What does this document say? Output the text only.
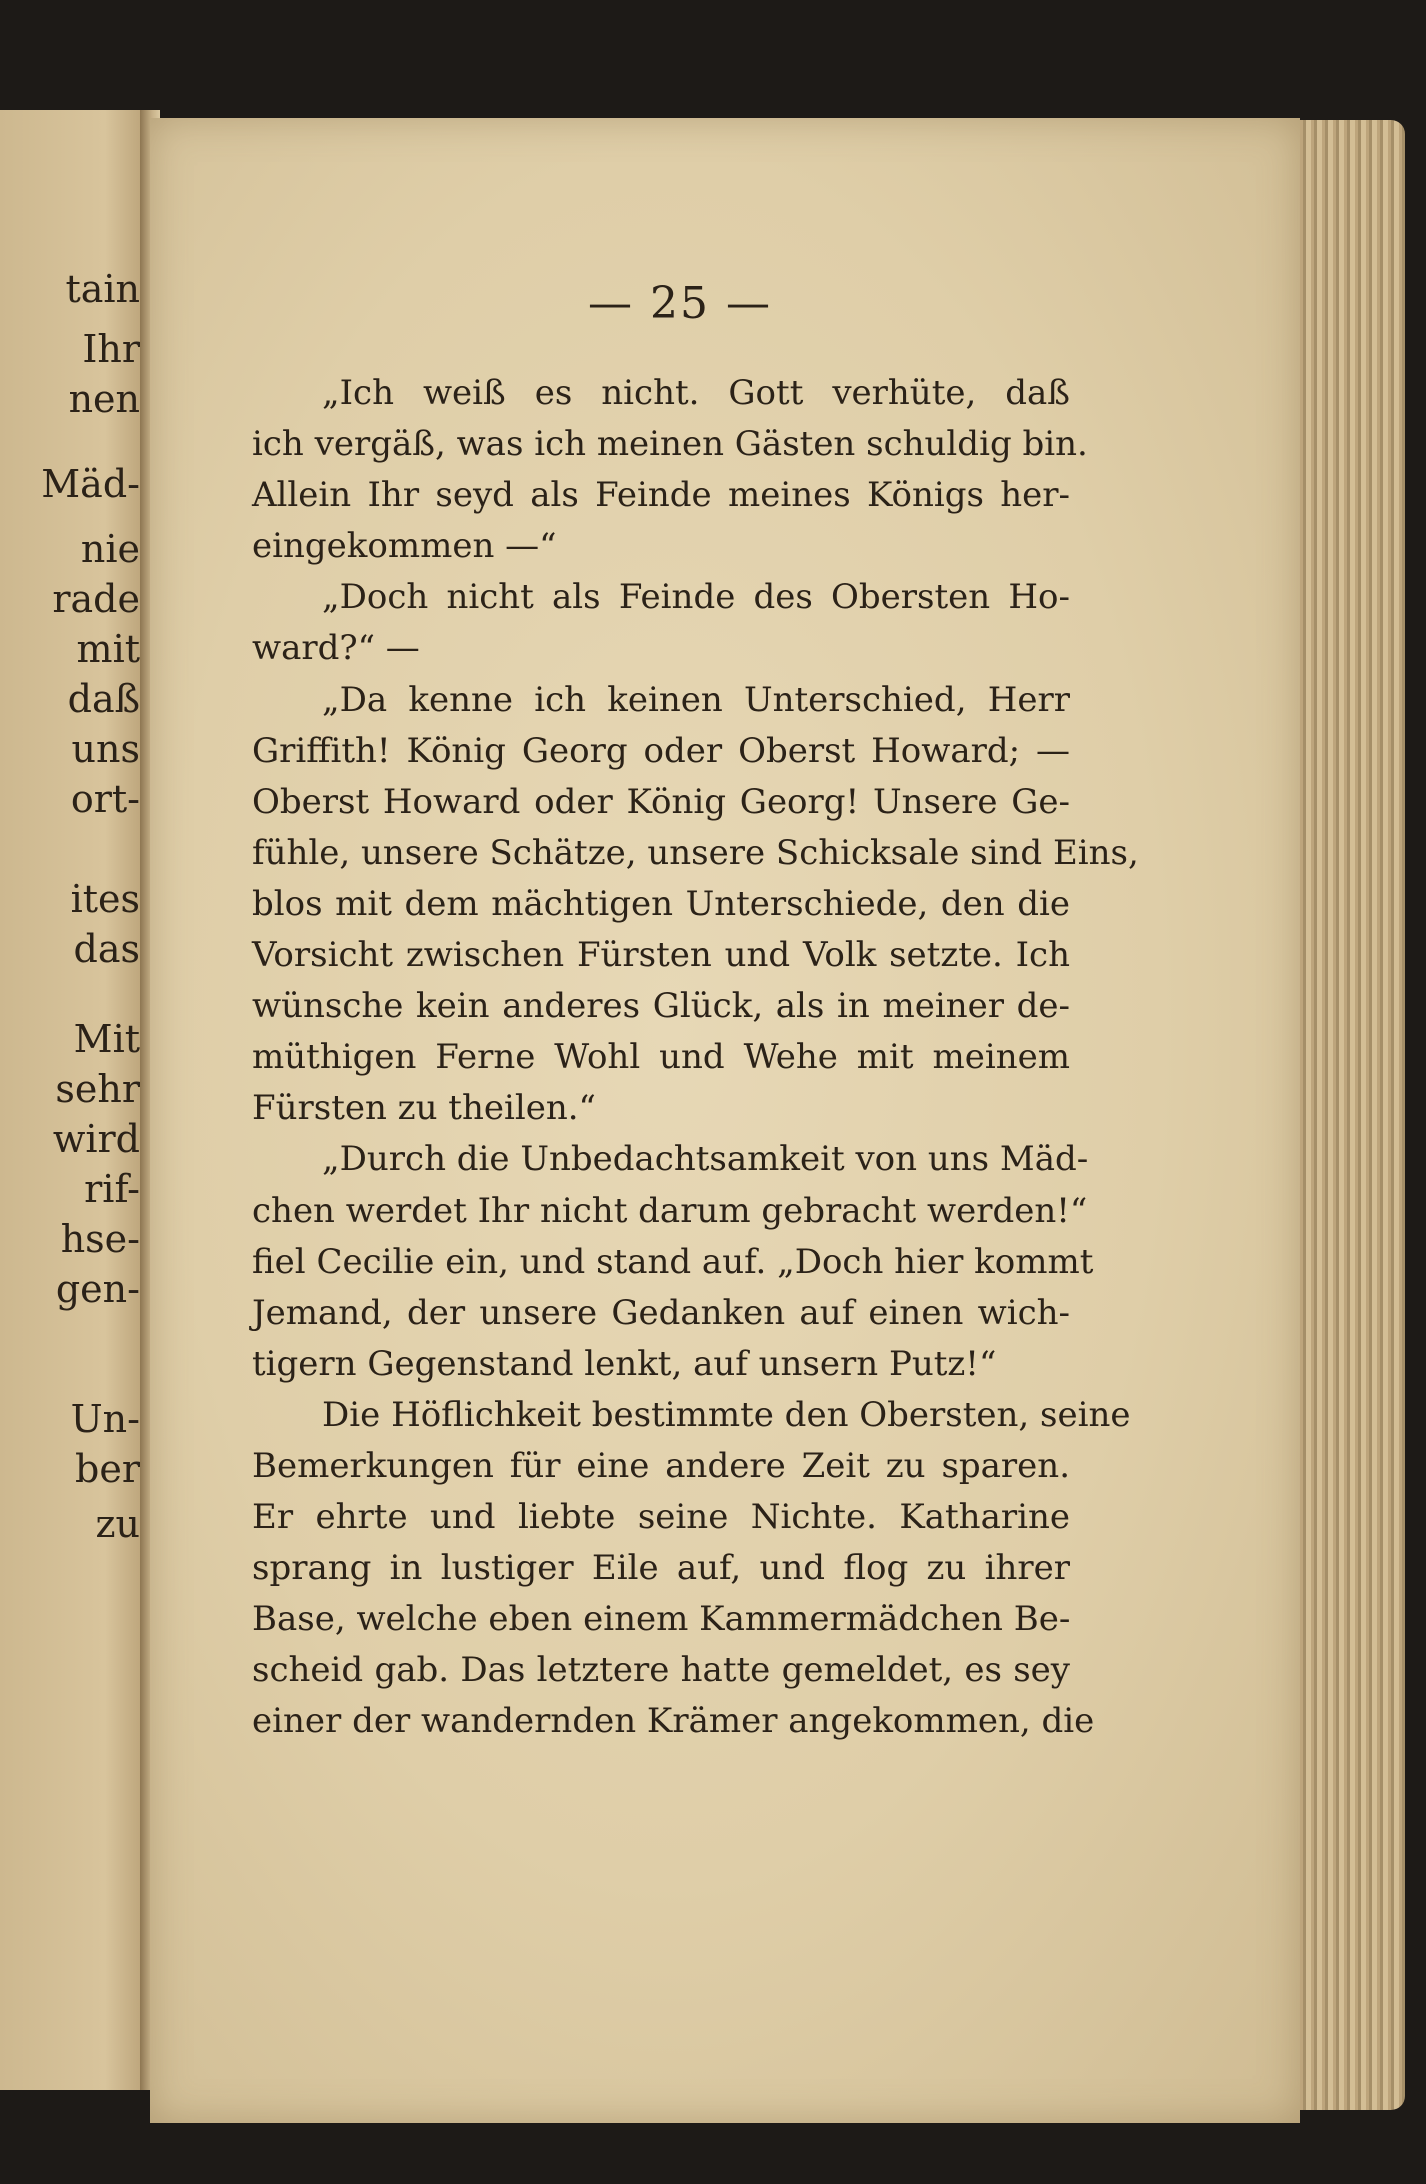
tain
Ihr
nen
Mäd-
nie
rade
mit
daß
uns
ort-
ites
das
Mit
sehr
wird
rif-
hse-
gen-
Un-
ber
zu
— 25 —
„Ich weiß es nicht. Gott verhüte, daß
ich vergäß, was ich meinen Gästen schuldig bin.
Allein Ihr seyd als Feinde meines Königs her-
eingekommen —“
„Doch nicht als Feinde des Obersten Ho-
ward?“ —
„Da kenne ich keinen Unterschied, Herr
Griffith! König Georg oder Oberst Howard; —
Oberst Howard oder König Georg! Unsere Ge-
fühle, unsere Schätze, unsere Schicksale sind Eins,
blos mit dem mächtigen Unterschiede, den die
Vorsicht zwischen Fürsten und Volk setzte. Ich
wünsche kein anderes Glück, als in meiner de-
müthigen Ferne Wohl und Wehe mit meinem
Fürsten zu theilen.“
„Durch die Unbedachtsamkeit von uns Mäd-
chen werdet Ihr nicht darum gebracht werden!“
fiel Cecilie ein, und stand auf. „Doch hier kommt
Jemand, der unsere Gedanken auf einen wich-
tigern Gegenstand lenkt, auf unsern Putz!“
Die Höflichkeit bestimmte den Obersten, seine
Bemerkungen für eine andere Zeit zu sparen.
Er ehrte und liebte seine Nichte. Katharine
sprang in lustiger Eile auf, und flog zu ihrer
Base, welche eben einem Kammermädchen Be-
scheid gab. Das letztere hatte gemeldet, es sey
einer der wandernden Krämer angekommen, die
